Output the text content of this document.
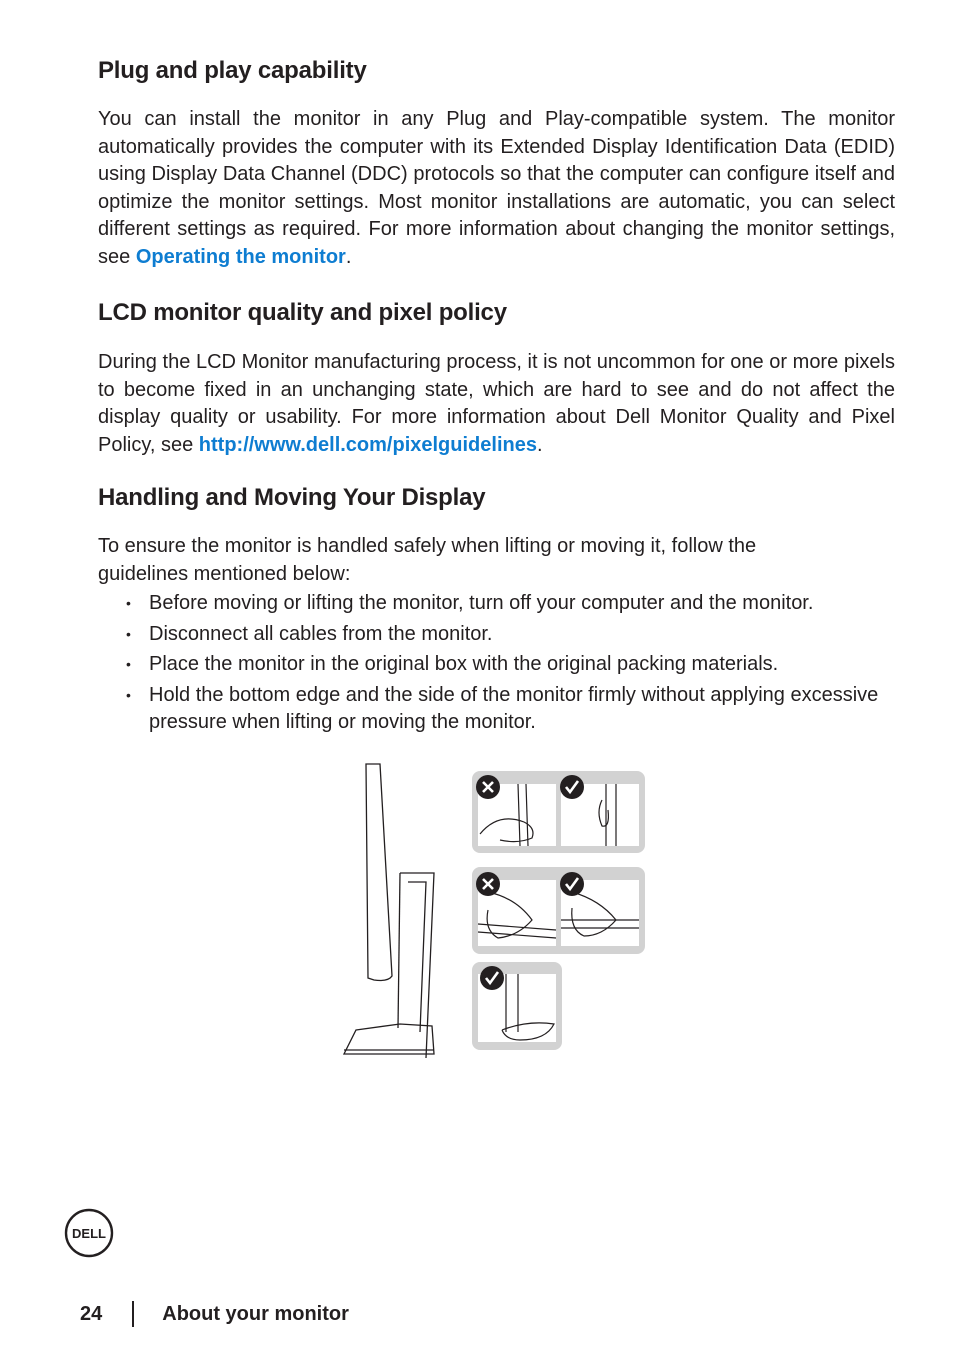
Plug and play capability

You can install the monitor in any Plug and Play-compatible system. The monitor automatically provides the computer with its Extended Display Identification Data (EDID) using Display Data Channel (DDC) protocols so that the computer can configure itself and optimize the monitor settings. Most monitor installations are automatic, you can select different settings as required. For more information about changing the monitor settings, see Operating the monitor.

LCD monitor quality and pixel policy

During the LCD Monitor manufacturing process, it is not uncommon for one or more pixels to become fixed in an unchanging state, which are hard to see and do not affect the display quality or usability. For more information about Dell Monitor Quality and Pixel Policy, see http://www.dell.com/pixelguidelines.

Handling and Moving Your Display

To ensure the monitor is handled safely when lifting or moving it, follow the guidelines mentioned below:

• Before moving or lifting the monitor, turn off your computer and the monitor.
• Disconnect all cables from the monitor.
• Place the monitor in the original box with the original packing materials.
• Hold the bottom edge and the side of the monitor firmly without applying excessive pressure when lifting or moving the monitor.
DELL
24	About your monitor
